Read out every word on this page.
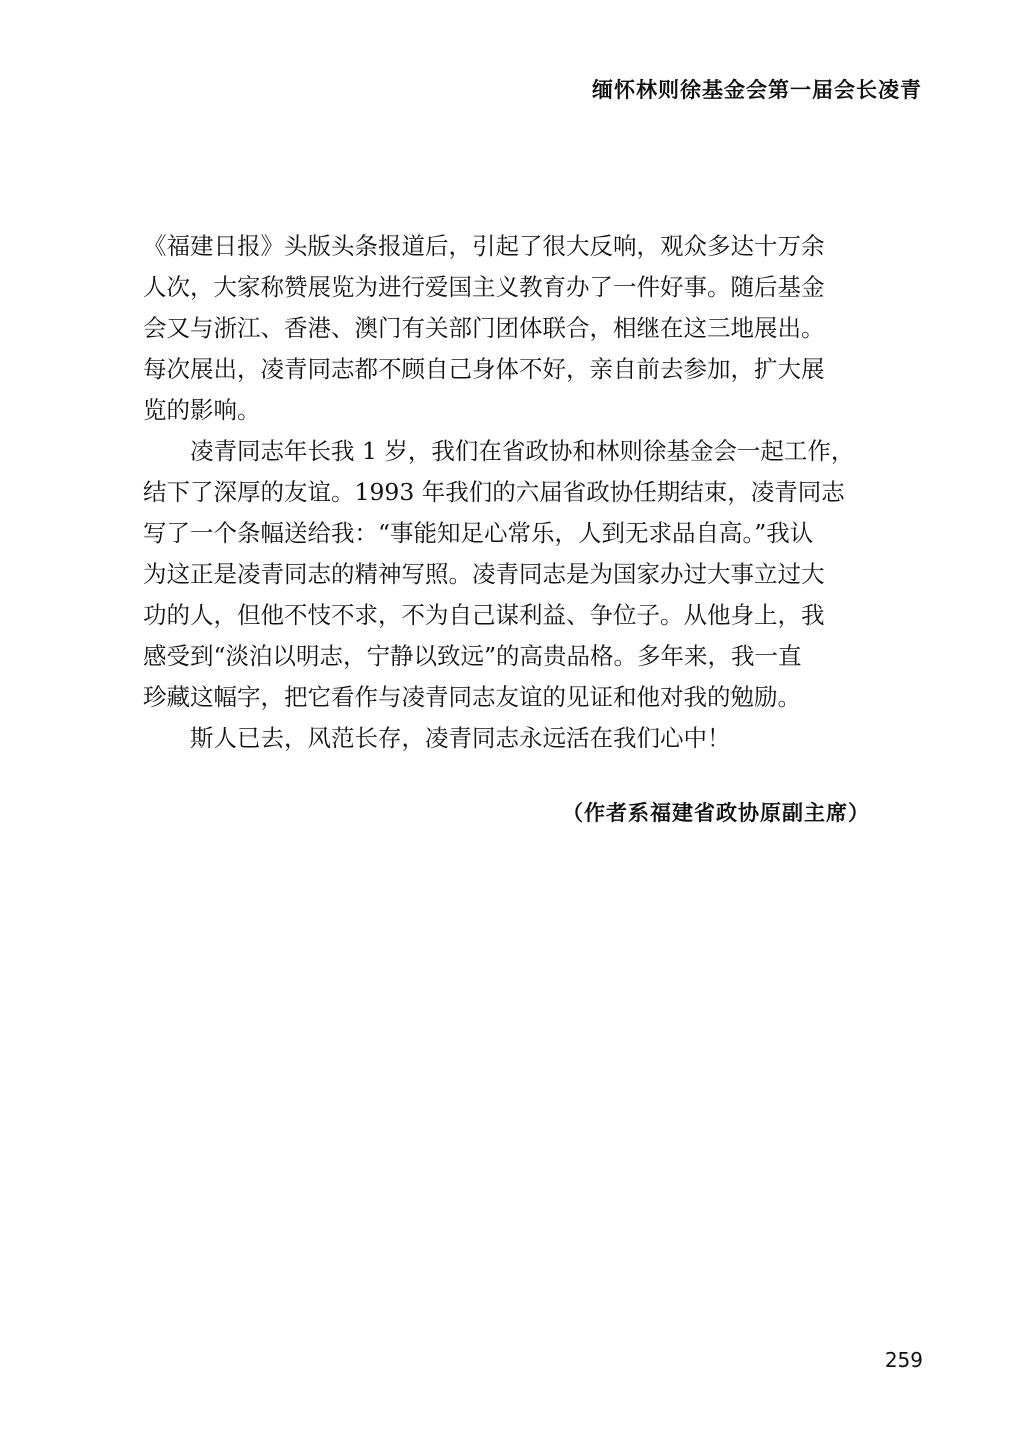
缅怀林则徐基金会第一届会长凌青
《福建日报》头版头条报道后，引起了很大反响，观众多达十万余
人次，大家称赞展览为进行爱国主义教育办了一件好事。随后基金
会又与浙江、香港、澳门有关部门团体联合，相继在这三地展出。
每次展出，凌青同志都不顾自己身体不好，亲自前去参加，扩大展
览的影响。
凌青同志年长我 1 岁，我们在省政协和林则徐基金会一起工作，
结下了深厚的友谊。1993 年我们的六届省政协任期结束，凌青同志
写了一个条幅送给我：“事能知足心常乐，人到无求品自高。”我认
为这正是凌青同志的精神写照。凌青同志是为国家办过大事立过大
功的人，但他不忮不求，不为自己谋利益、争位子。从他身上，我
感受到“淡泊以明志，宁静以致远”的高贵品格。多年来，我一直
珍藏这幅字，把它看作与凌青同志友谊的见证和他对我的勉励。
斯人已去，风范长存，凌青同志永远活在我们心中！
（作者系福建省政协原副主席）
259
